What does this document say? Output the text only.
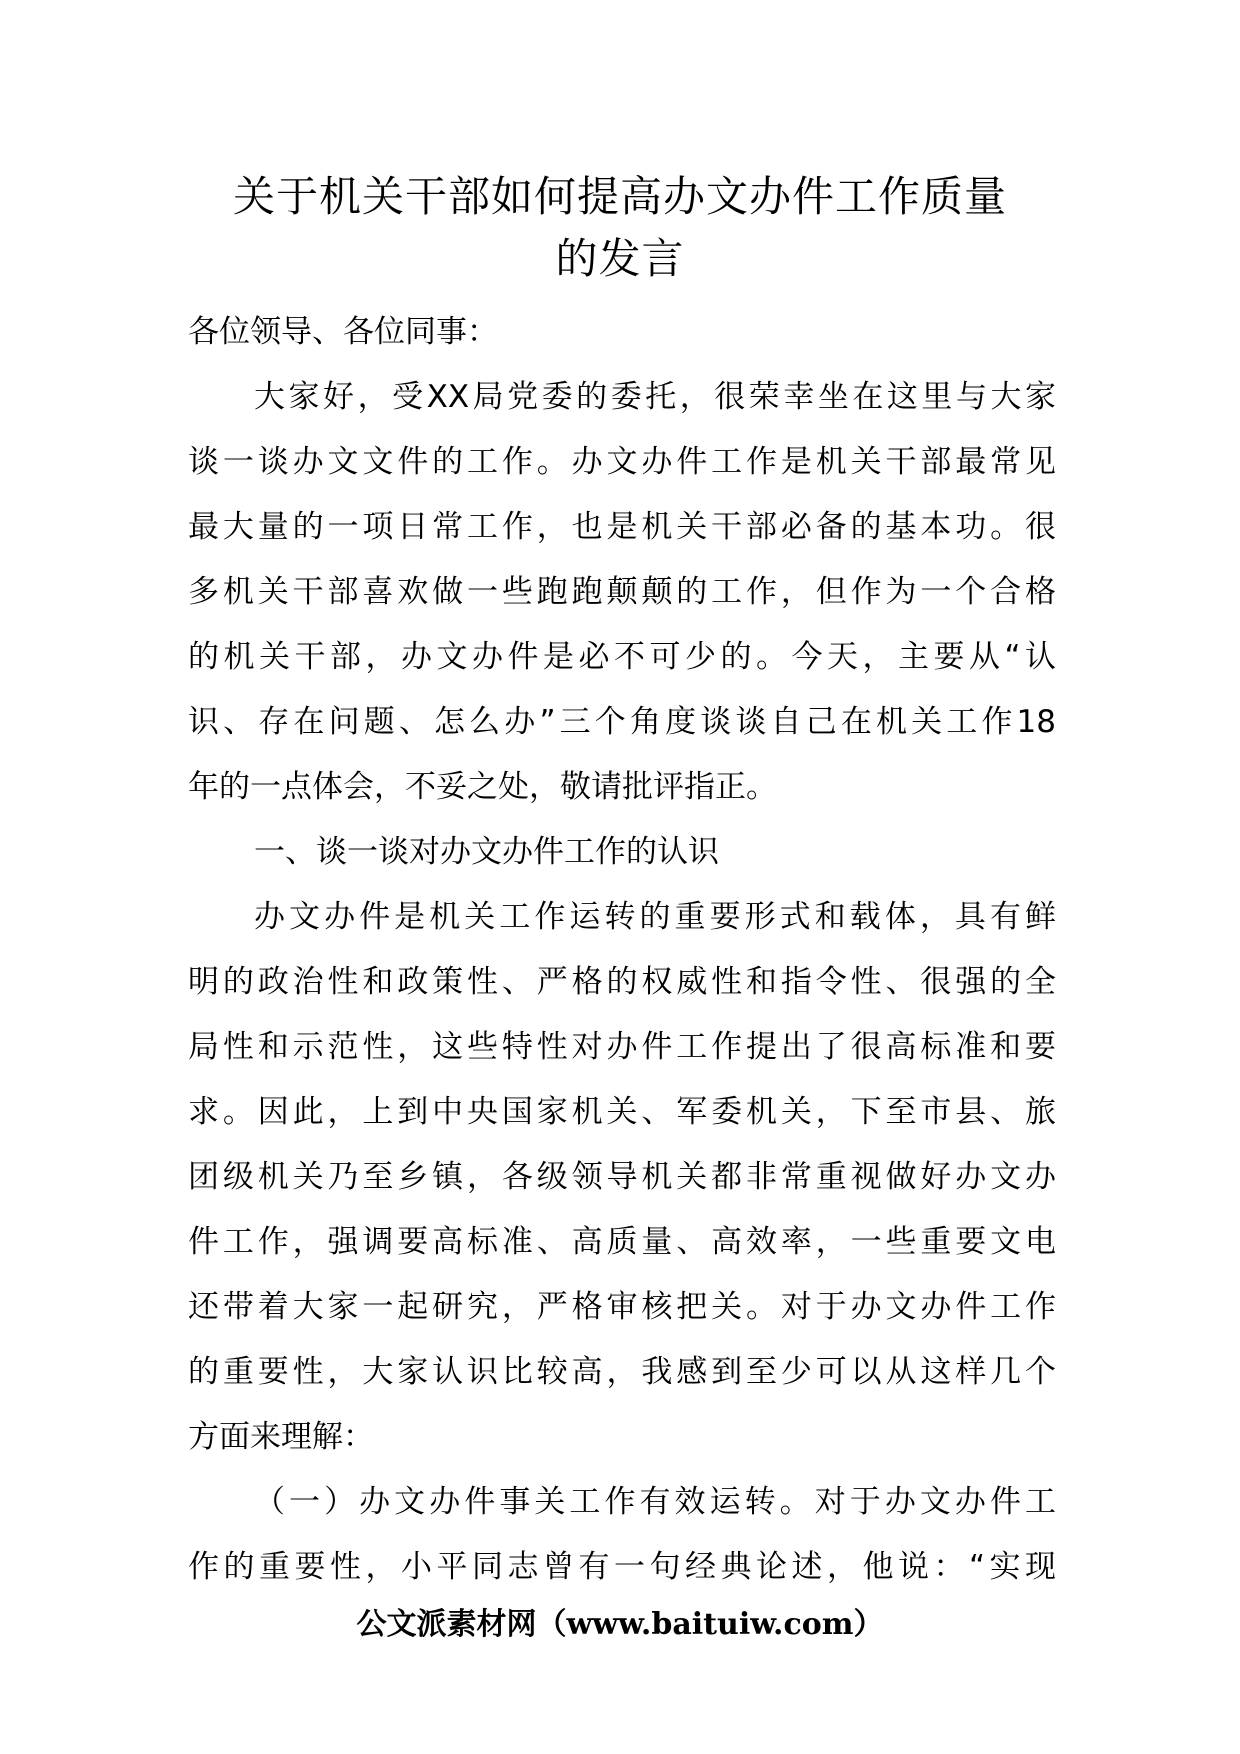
关于机关干部如何提高办文办件工作质量
的发言

各位领导、各位同事：

大家好，受XX局党委的委托，很荣幸坐在这里与大家
谈一谈办文文件的工作。办文办件工作是机关干部最常见
最大量的一项日常工作，也是机关干部必备的基本功。很
多机关干部喜欢做一些跑跑颠颠的工作，但作为一个合格
的机关干部，办文办件是必不可少的。今天，主要从“认
识、存在问题、怎么办”三个角度谈谈自己在机关工作18
年的一点体会，不妥之处，敬请批评指正。

一、谈一谈对办文办件工作的认识

办文办件是机关工作运转的重要形式和载体，具有鲜
明的政治性和政策性、严格的权威性和指令性、很强的全
局性和示范性，这些特性对办件工作提出了很高标准和要
求。因此，上到中央国家机关、军委机关，下至市县、旅
团级机关乃至乡镇，各级领导机关都非常重视做好办文办
件工作，强调要高标准、高质量、高效率，一些重要文电
还带着大家一起研究，严格审核把关。对于办文办件工作
的重要性，大家认识比较高，我感到至少可以从这样几个
方面来理解：

（一）办文办件事关工作有效运转。对于办文办件工
作的重要性，小平同志曾有一句经典论述，他说：“实现

公文派素材网（www.baituiw.com）
